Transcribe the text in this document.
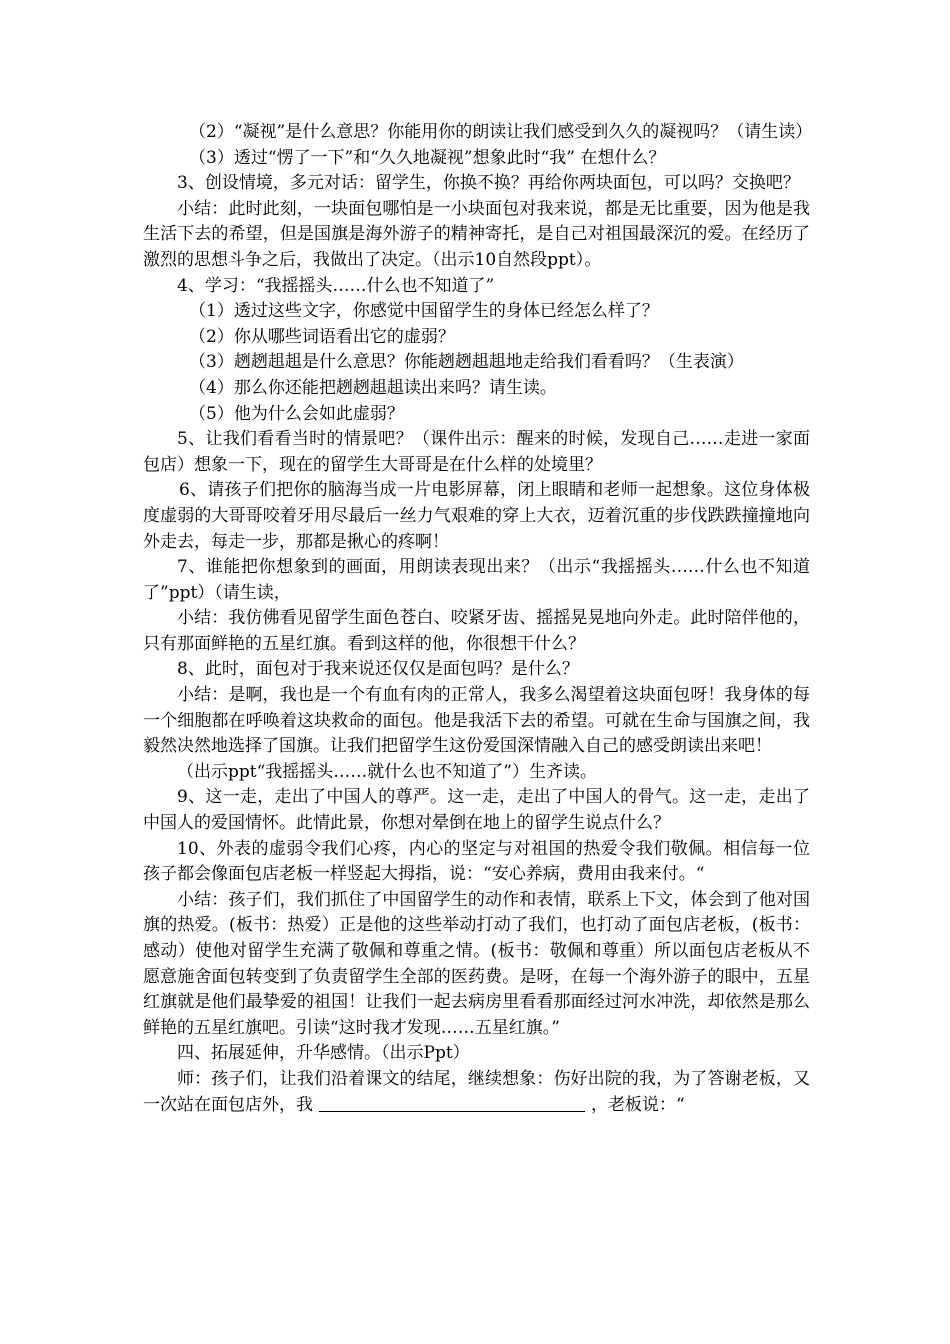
（2）“凝视”是什么意思？你能用你的朗读让我们感受到久久的凝视吗？（请生读）

（3）透过“愣了一下”和“久久地凝视”想象此时“我” 在想什么？

3、创设情境，多元对话：留学生，你换不换？再给你两块面包，可以吗？交换吧？

小结：此时此刻，一块面包哪怕是一小块面包对我来说，都是无比重要，因为他是我生活下去的希望，但是国旗是海外游子的精神寄托，是自己对祖国最深沉的爱。在经历了激烈的思想斗争之后，我做出了决定。（出示10自然段ppt）。

4、学习：“我摇摇头……什么也不知道了”

（1）透过这些文字，你感觉中国留学生的身体已经怎么样了？

（2）你从哪些词语看出它的虚弱？

（3）趔趔趄趄是什么意思？你能趔趔趄趄地走给我们看看吗？（生表演）

（4）那么你还能把趔趔趄趄读出来吗？请生读。

（5）他为什么会如此虚弱？

5、让我们看看当时的情景吧？（课件出示：醒来的时候，发现自己……走进一家面包店）想象一下，现在的留学生大哥哥是在什么样的处境里？

6、请孩子们把你的脑海当成一片电影屏幕，闭上眼睛和老师一起想象。这位身体极度虚弱的大哥哥咬着牙用尽最后一丝力气艰难的穿上大衣，迈着沉重的步伐跌跌撞撞地向外走去，每走一步，那都是揪心的疼啊！

7、谁能把你想象到的画面，用朗读表现出来？（出示“我摇摇头……什么也不知道了”ppt）（请生读，

小结：我仿佛看见留学生面色苍白、咬紧牙齿、摇摇晃晃地向外走。此时陪伴他的，只有那面鲜艳的五星红旗。看到这样的他，你很想干什么？

8、此时，面包对于我来说还仅仅是面包吗？是什么？

小结：是啊，我也是一个有血有肉的正常人，我多么渴望着这块面包呀！我身体的每一个细胞都在呼唤着这块救命的面包。他是我活下去的希望。可就在生命与国旗之间，我毅然决然地选择了国旗。让我们把留学生这份爱国深情融入自己的感受朗读出来吧！

（出示ppt“我摇摇头……就什么也不知道了”）生齐读。

9、这一走，走出了中国人的尊严。这一走，走出了中国人的骨气。这一走，走出了中国人的爱国情怀。此情此景，你想对晕倒在地上的留学生说点什么？

10、外表的虚弱令我们心疼，内心的坚定与对祖国的热爱令我们敬佩。相信每一位孩子都会像面包店老板一样竖起大拇指，说：“安心养病，费用由我来付。“

小结：孩子们，我们抓住了中国留学生的动作和表情，联系上下文，体会到了他对国旗的热爱。(板书：热爱）正是他的这些举动打动了我们，也打动了面包店老板，(板书：感动）使他对留学生充满了敬佩和尊重之情。(板书：敬佩和尊重）所以面包店老板从不愿意施舍面包转变到了负责留学生全部的医药费。是呀，在每一个海外游子的眼中，五星红旗就是他们最挚爱的祖国！让我们一起去病房里看看那面经过河水冲洗，却依然是那么鲜艳的五星红旗吧。引读“这时我才发现……五星红旗。”

四、拓展延伸，升华感情。（出示Ppt）

师：孩子们，让我们沿着课文的结尾，继续想象：伤好出院的我，为了答谢老板，又一次站在面包店外，我	，老板说：“
